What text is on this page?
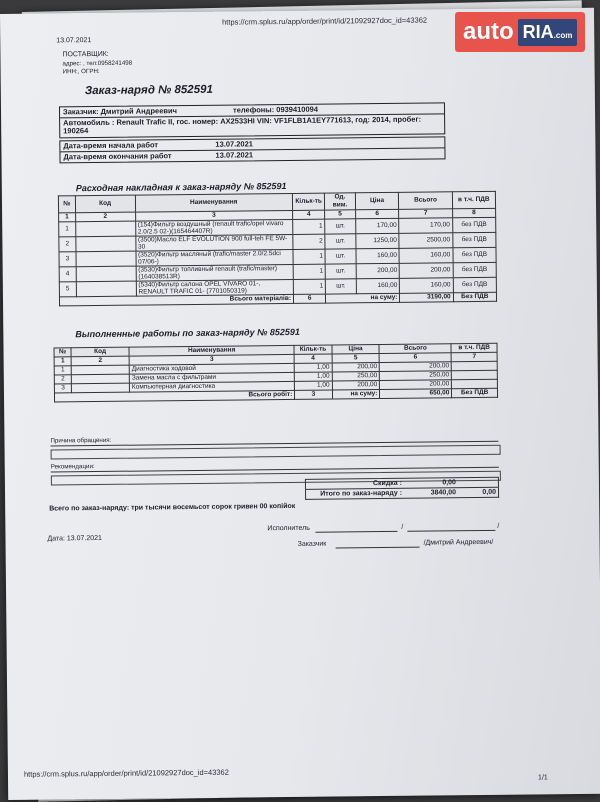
13.07.2021
https://crm.splus.ru/app/order/print/id/21092927doc_id=43362
ПОСТАВЩИК:
адрес: , тел:0958241498
ИНН:, ОГРН:
Заказ-наряд № 852591
Заказчик: Дмитрий Андреевич	телефоны: 0939410094
Автомобиль : Renault Trafic II, гос. номер: АХ2533НІ VIN: VF1FLB1A1EY771613, год: 2014, пробег:
190264
Дата-время начала работ	13.07.2021
Дата-время окончания работ	13.07.2021
Расходная накладная к заказ-наряду № 852591
№	Код	Наименування	Кільк-ть	Од. вим.	Ціна	Всього	в т.ч. ПДВ
1	2	3	4	5	6	7	8
1		(154)Фильтр воздушный (renault trafic/opel vivaro 2.0/2.5 02-)(165464407R)	1	шт.	170,00	170,00	без ПДВ
2		(3500)Масло ELF EVOLUTION 900 full-teh FE 5W-30	2	шт.	1250,00	2500,00	без ПДВ
3		(3520)Фильтр масляный (trafic/master 2.0/2.5dci 07/06-)	1	шт.	160,00	160,00	без ПДВ
4		(3530)Фильтр топливный renault (trafic/master) (164038513R)	1	шт.	200,00	200,00	без ПДВ
5		(5340)Фильтр салона OPEL VIVARO 01-, RENAULT TRAFIC 01- (7701050319)	1	шт.	160,00	160,00	без ПДВ
Всього матеріалів:			6	на суму:		3190,00	Без ПДВ
Выполненные работы по заказ-наряду № 852591
№	Код	Наименування	Кільк-ть	Ціна	Всього	в т.ч. ПДВ
1	2	3	4	5	6	7
1		Диагностика ходовой	1,00	200,00	200,00	
2		Замена масла с фильтрами	1,00	250,00	250,00	
3		Компьютерная диагностика	1,00	200,00	200,00	
Всього робіт:			3	на суму:	650,00	Без ПДВ
Причина обращения:
Рекомендации:
Скидка :	0,00
Итого по заказ-наряду :	3840,00	0,00
Всего по заказ-наряду: три тысячи восемьсот сорок гривен 00 копійок
Исполнитель	/	/
Дата: 13.07.2021
Заказчик	/Дмитрий Андреевич/
https://crm.splus.ru/app/order/print/id/21092927doc_id=43362	1/1
auto RIA.com
